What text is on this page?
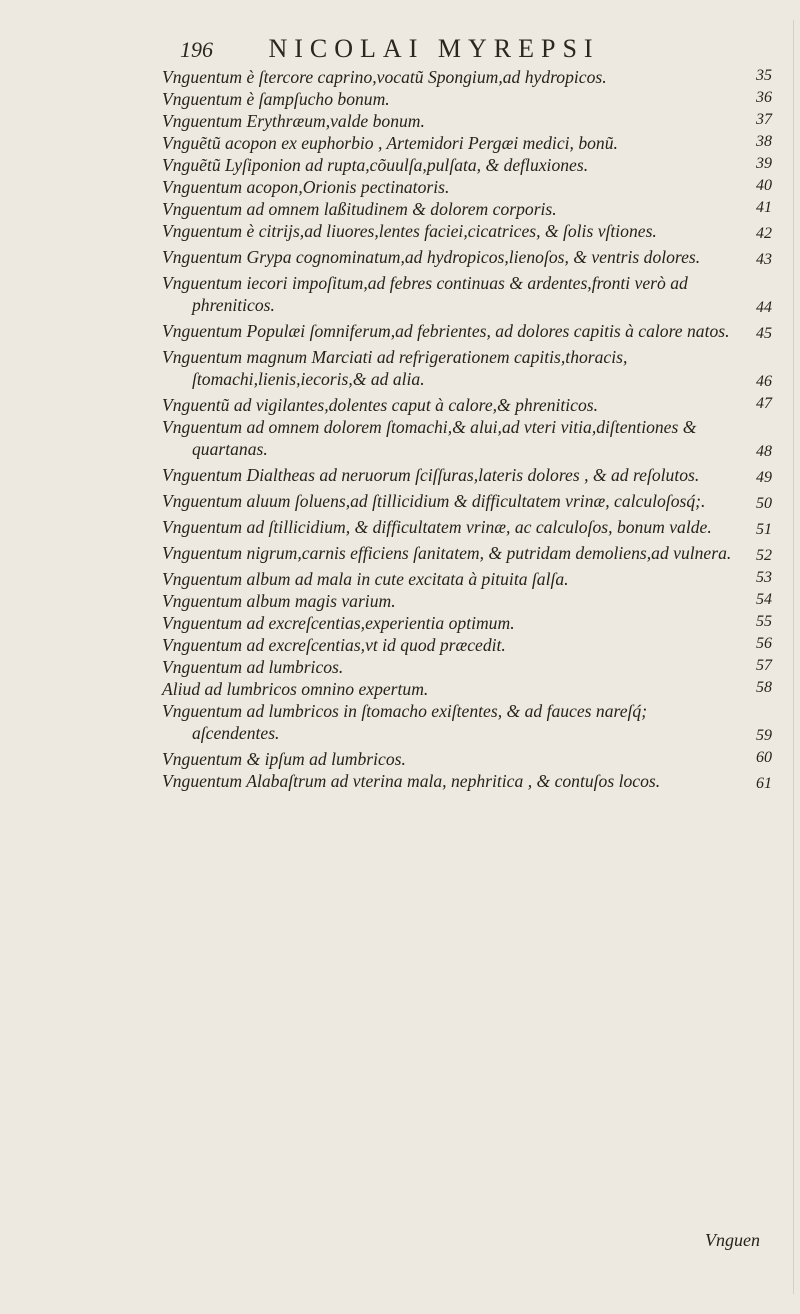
196 NICOLAI MYREPSI
Vnguentum è ſtercore caprino,vocatũ Spongium,ad hydropicos.	35
Vnguentum è ſampſucho bonum.	36
Vnguentum Erythræum,valde bonum.	37
Vnguẽtũ acopon ex euphorbio , Artemidori Pergæi medici, bonũ.	38
Vnguẽtũ Lyſiponion ad rupta,cõuulſa,pulſata, & defluxiones.	39
Vnguentum acopon,Orionis pectinatoris.	40
Vnguentum ad omnem laßitudinem & dolorem corporis.	41
Vnguentum è citrijs,ad liuores,lentes faciei,cicatrices, & ſolis vſtiones.	42
Vnguentum Grypa cognominatum,ad hydropicos,lienoſos, & ventris dolores.	43
Vnguentum iecori impoſitum,ad febres continuas & ardentes,fronti verò ad phreniticos.	44
Vnguentum Populæi ſomniferum,ad febrientes, ad dolores capitis à calore natos.	45
Vnguentum magnum Marciati ad refrigerationem capitis,thoracis, ſtomachi,lienis,iecoris,& ad alia.	46
Vnguentũ ad vigilantes,dolentes caput à calore,& phreniticos.	47
Vnguentum ad omnem dolorem ſtomachi,& alui,ad vteri vitia,diſtentiones & quartanas.	48
Vnguentum Dialtheas ad neruorum ſciſſuras,lateris dolores , & ad reſolutos.	49
Vnguentum aluum ſoluens,ad ſtillicidium & difficultatem vrinæ, calculoſosq́;.	50
Vnguentum ad ſtillicidium, & difficultatem vrinæ, ac calculoſos, bonum valde.	51
Vnguentum nigrum,carnis efficiens ſanitatem, & putridam demoliens,ad vulnera.	52
Vnguentum album ad mala in cute excitata à pituita ſalſa.	53
Vnguentum album magis varium.	54
Vnguentum ad excreſcentias,experientia optimum.	55
Vnguentum ad excreſcentias,vt id quod præcedit.	56
Vnguentum ad lumbricos.	57
Aliud ad lumbricos omnino expertum.	58
Vnguentum ad lumbricos in ſtomacho exiſtentes, & ad fauces nareſq́; aſcendentes.	59
Vnguentum & ipſum ad lumbricos.	60
Vnguentum Alabaſtrum ad vterina mala, nephritica , & contuſos locos.	61
Vnguen
